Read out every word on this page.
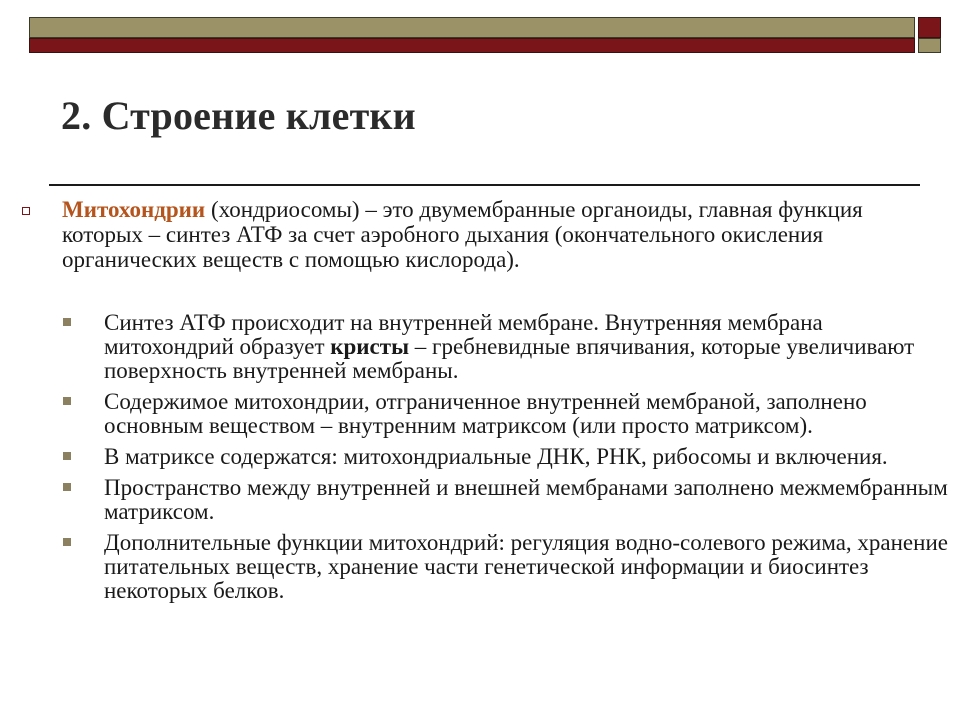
2. Строение клетки
Митохондрии (хондриосомы) – это двумембранные органоиды, главная функция которых – синтез АТФ за счет аэробного дыхания (окончательного окисления органических веществ с помощью кислорода).
Синтез АТФ происходит на внутренней мембране. Внутренняя мембрана митохондрий образует кристы – гребневидные впячивания, которые увеличивают поверхность внутренней мембраны.
Содержимое митохондрии, отграниченное внутренней мембраной, заполнено основным веществом – внутренним матриксом (или просто матриксом).
В матриксе содержатся: митохондриальные ДНК, РНК, рибосомы и включения.
Пространство между внутренней и внешней мембранами заполнено межмембранным матриксом.
Дополнительные функции митохондрий: регуляция водно-солевого режима, хранение питательных веществ, хранение части генетической информации и биосинтез некоторых белков.
